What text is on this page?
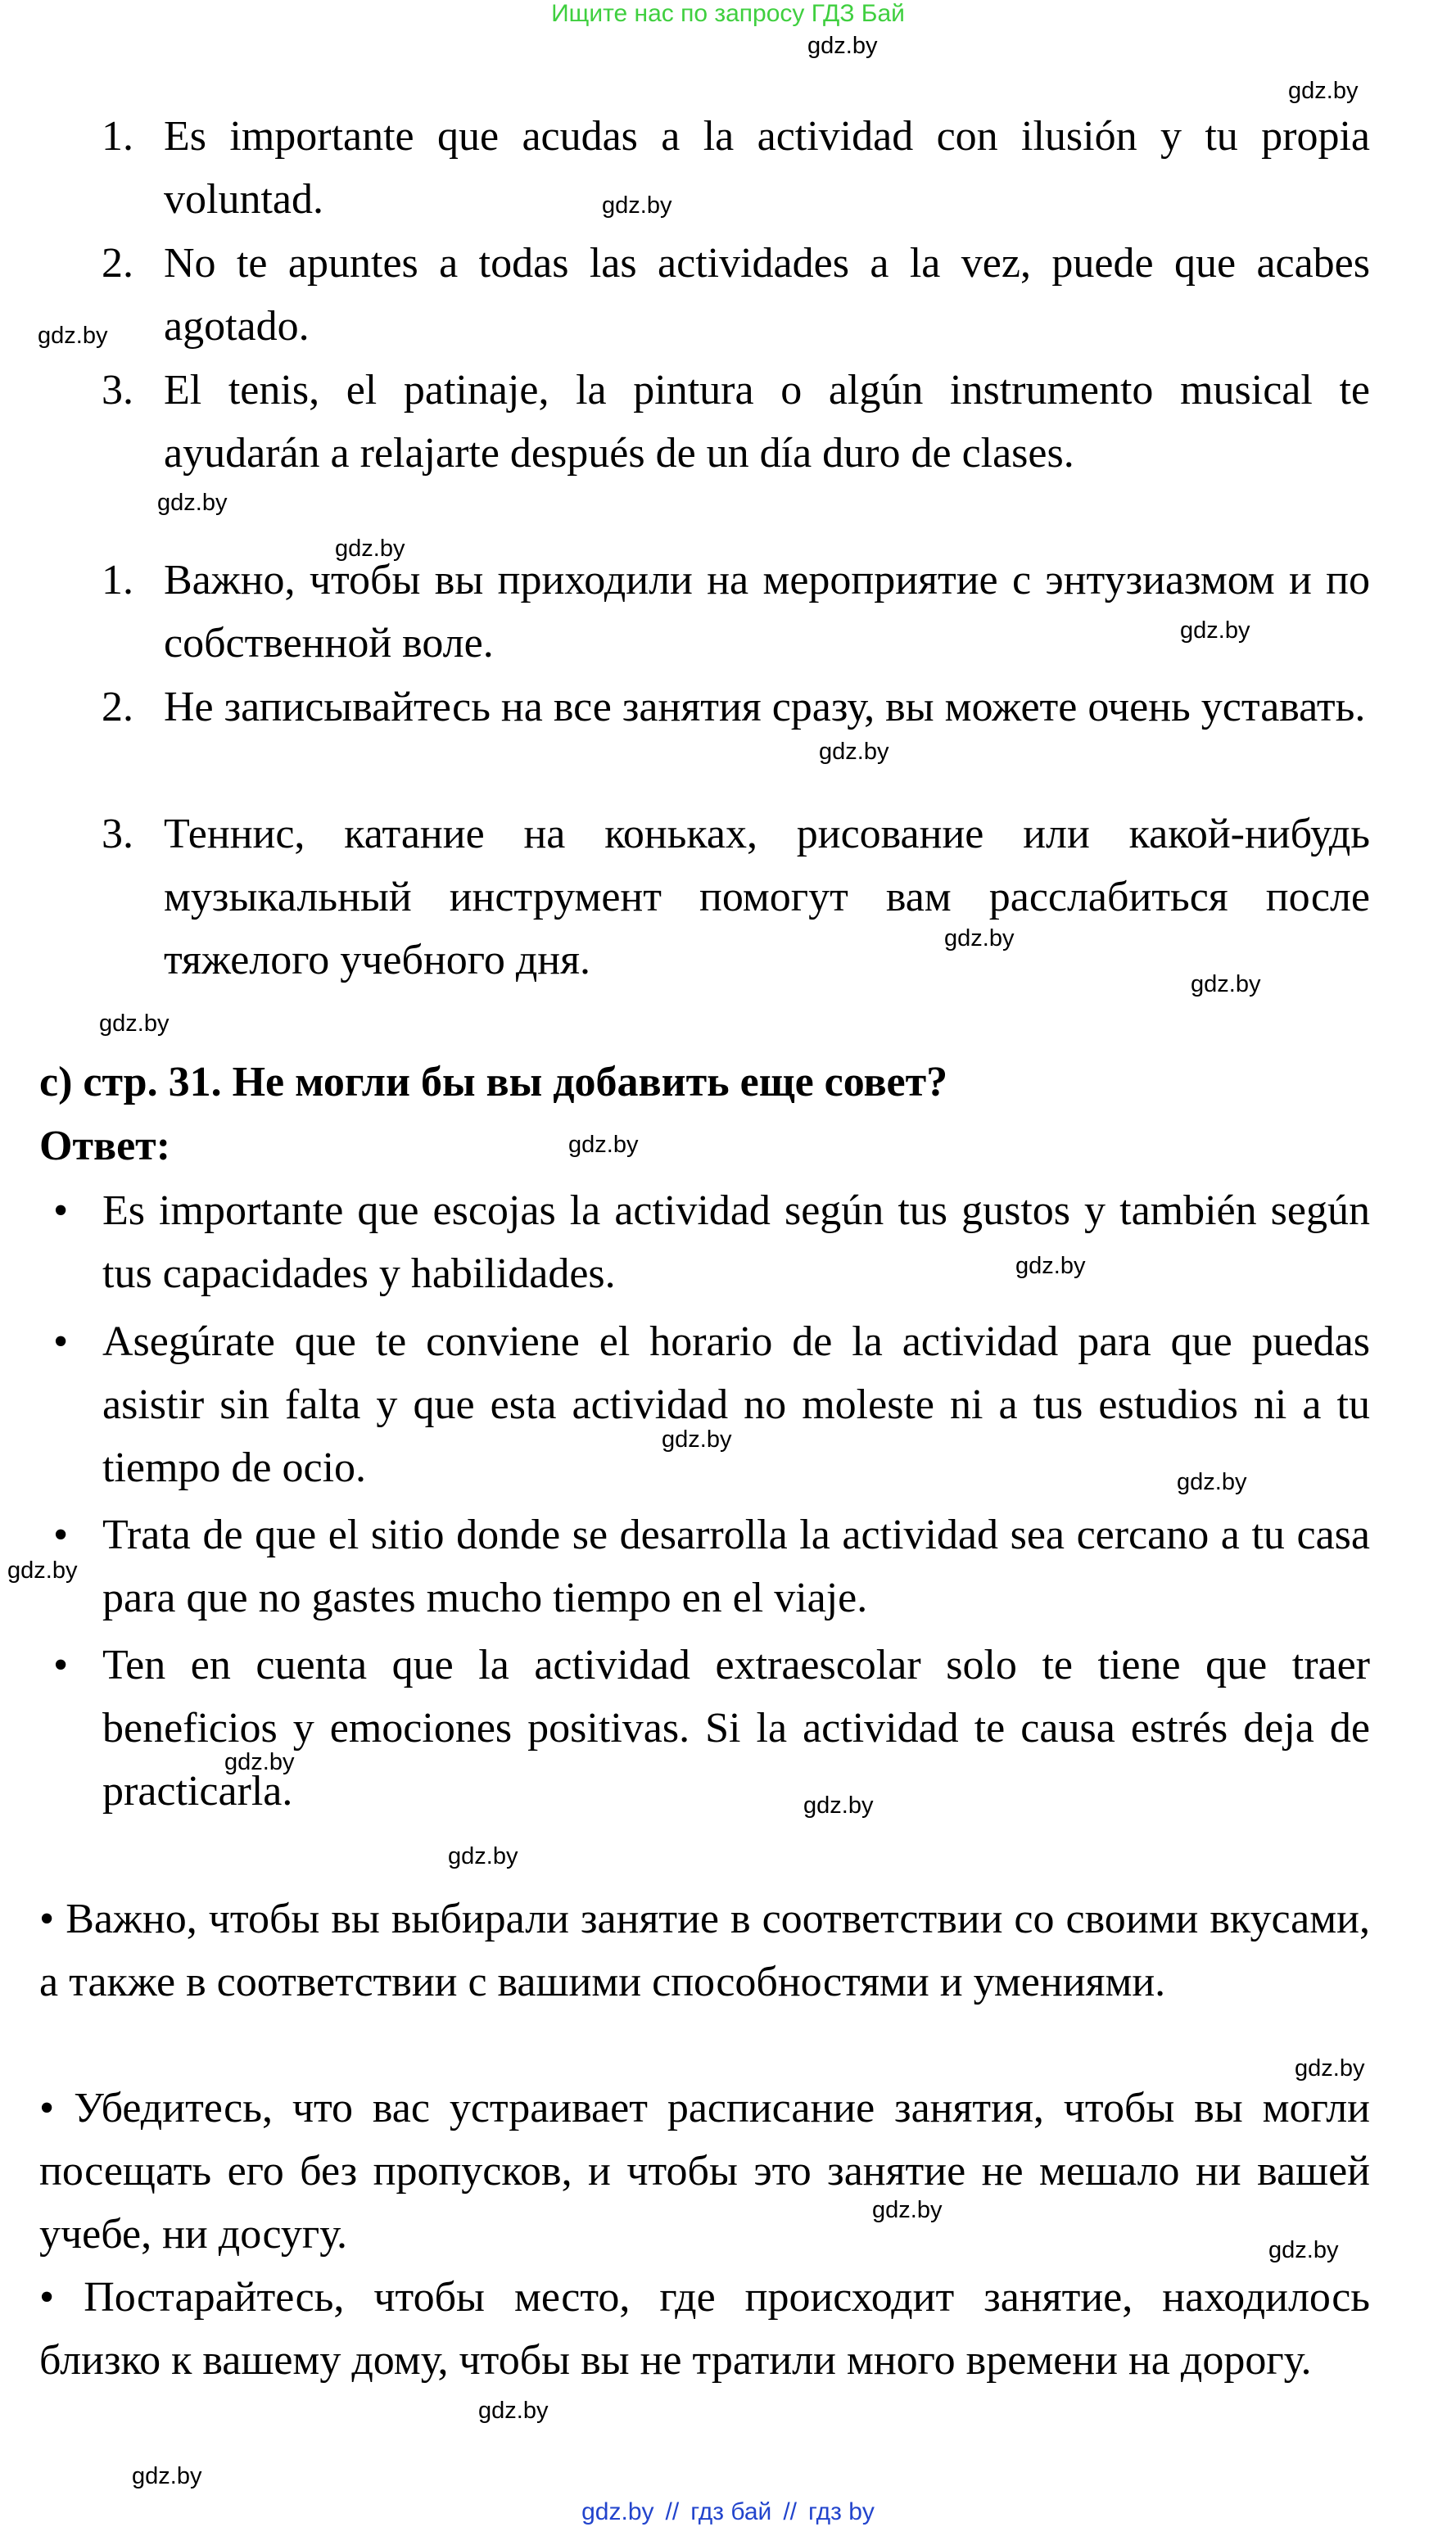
Ищите нас по запросу ГДЗ Бай
1. Es importante que acudas a la actividad con ilusión y tu propia voluntad.
2. No te apuntes a todas las actividades a la vez, puede que acabes agotado.
3. El tenis, el patinaje, la pintura o algún instrumento musical te ayudarán a relajarte después de un día duro de clases.
1. Важно, чтобы вы приходили на мероприятие с энтузиазмом и по собственной воле.
2. Не записывайтесь на все занятия сразу, вы можете очень уставать.
3. Теннис, катание на коньках, рисование или какой-нибудь музыкальный инструмент помогут вам расслабиться после тяжелого учебного дня.
c) стр. 31. Не могли бы вы добавить еще совет?
Ответ:
• Es importante que escojas la actividad según tus gustos y también según tus capacidades y habilidades.
• Asegúrate que te conviene el horario de la actividad para que puedas asistir sin falta y que esta actividad no moleste ni a tus estudios ni a tu tiempo de ocio.
• Trata de que el sitio donde se desarrolla la actividad sea cercano a tu casa para que no gastes mucho tiempo en el viaje.
• Ten en cuenta que la actividad extraescolar solo te tiene que traer beneficios y emociones positivas. Si la actividad te causa estrés deja de practicarla.
• Важно, чтобы вы выбирали занятие в соответствии со своими вкусами, а также в соответствии с вашими способностями и умениями.
• Убедитесь, что вас устраивает расписание занятия, чтобы вы могли посещать его без пропусков, и чтобы это занятие не мешало ни вашей учебе, ни досугу.
• Постарайтесь, чтобы место, где происходит занятие, находилось близко к вашему дому, чтобы вы не тратили много времени на дорогу.
gdz.by
gdz.by
gdz.by
gdz.by
gdz.by
gdz.by
gdz.by
gdz.by
gdz.by
gdz.by
gdz.by
gdz.by
gdz.by
gdz.by
gdz.by
gdz.by
gdz.by
gdz.by
gdz.by
gdz.by
gdz.by
gdz.by
gdz.by
gdz.by
gdz.by // гдз бай // гдз by
